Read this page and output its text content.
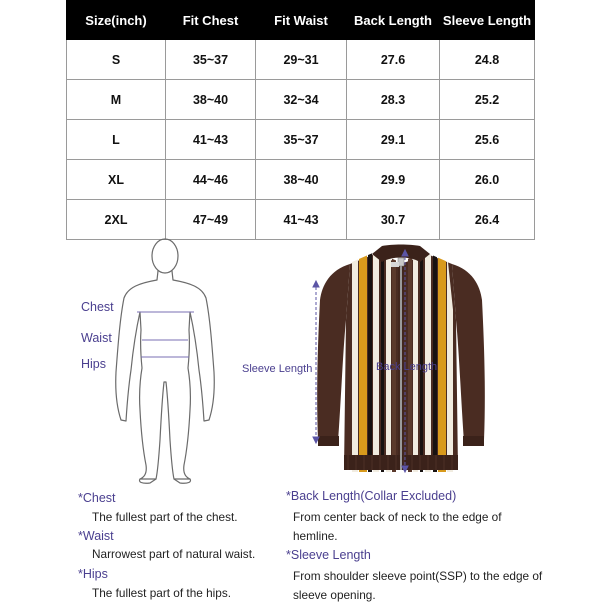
Size(inch)	Fit Chest	Fit Waist	Back Length	Sleeve Length
S	35~37	29~31	27.6	24.8
M	38~40	32~34	28.3	25.2
L	41~43	35~37	29.1	25.6
XL	44~46	38~40	29.9	26.0
2XL	47~49	41~43	30.7	26.4
Chest
Waist
Hips	Sleeve Length	Back Length
*Chest
The fullest part of the chest.
*Waist
Narrowest part of natural waist.
*Hips
The fullest part of the hips.
*Back Length(Collar Excluded)
From center back of neck to the edge of hemline.
*Sleeve Length
From shoulder sleeve point(SSP) to the edge of sleeve opening.
